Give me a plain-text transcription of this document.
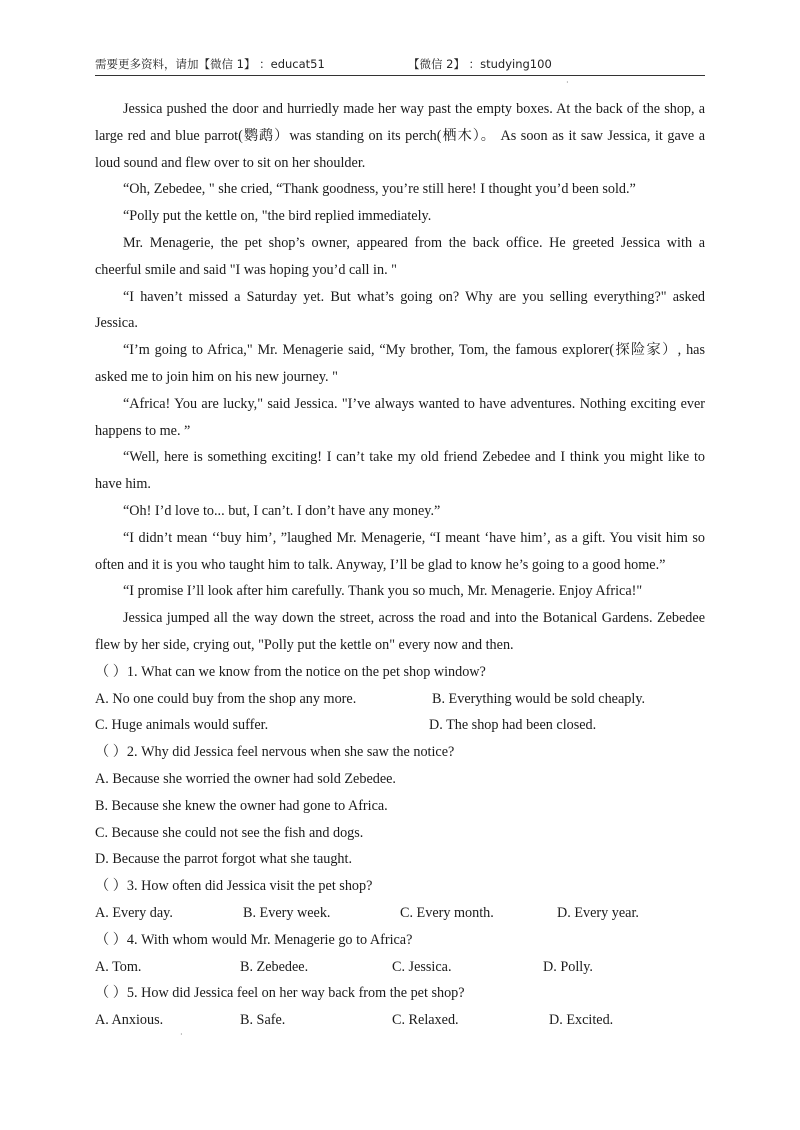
需要更多资料，请加【微信 1】 ：educat51	【微信 2】 ：studying100
·

Jessica pushed the door and hurriedly made her way past the empty boxes. At the back of the shop, a large red and blue parrot(鹦鹉）was standing on its perch(栖木）。 As soon as it saw Jessica, it gave a loud sound and flew over to sit on her shoulder.

“Oh, Zebedee, " she cried, “Thank goodness, you’re still here! I thought you’d been sold.”

“Polly put the kettle on, "the bird replied immediately.

Mr. Menagerie, the pet shop’s owner, appeared from the back office. He greeted Jessica with a cheerful smile and said "I was hoping you’d call in. "

“I haven’t missed a Saturday yet. But what’s going on? Why are you selling everything?" asked Jessica.

“I’m going to Africa," Mr. Menagerie said, “My brother, Tom, the famous explorer(探险家）, has asked me to join him on his new journey. "

“Africa! You are lucky," said Jessica. "I’ve always wanted to have adventures. Nothing exciting ever happens to me. ”

“Well, here is something exciting! I can’t take my old friend Zebedee and I think you might like to have him.

“Oh! I’d love to... but, I can’t. I don’t have any money.”

“I didn’t mean ‘‘buy him’, ”laughed Mr. Menagerie, “I meant ‘have him’, as a gift. You visit him so often and it is you who taught him to talk. Anyway, I’ll be glad to know he’s going to a good home.”

“I promise I’ll look after him carefully. Thank you so much, Mr. Menagerie. Enjoy Africa!"

Jessica jumped all the way down the street, across the road and into the Botanical Gardens. Zebedee flew by her side, crying out, "Polly put the kettle on" every now and then.

（ ）1. What can we know from the notice on the pet shop window?
A. No one could buy from the shop any more.	B. Everything would be sold cheaply.
C. Huge animals would suffer.	D. The shop had been closed.
（ ）2. Why did Jessica feel nervous when she saw the notice?
A. Because she worried the owner had sold Zebedee.
B. Because she knew the owner had gone to Africa.
C. Because she could not see the fish and dogs.
D. Because the parrot forgot what she taught.
（ ）3. How often did Jessica visit the pet shop?
A. Every day.	B. Every week.	C. Every month.	D. Every year.
（ ）4. With whom would Mr. Menagerie go to Africa?
A. Tom.	B. Zebedee.	C. Jessica.	D. Polly.
（ ）5. How did Jessica feel on her way back from the pet shop?
A. Anxious.	B. Safe.	C. Relaxed.	D. Excited.
·
